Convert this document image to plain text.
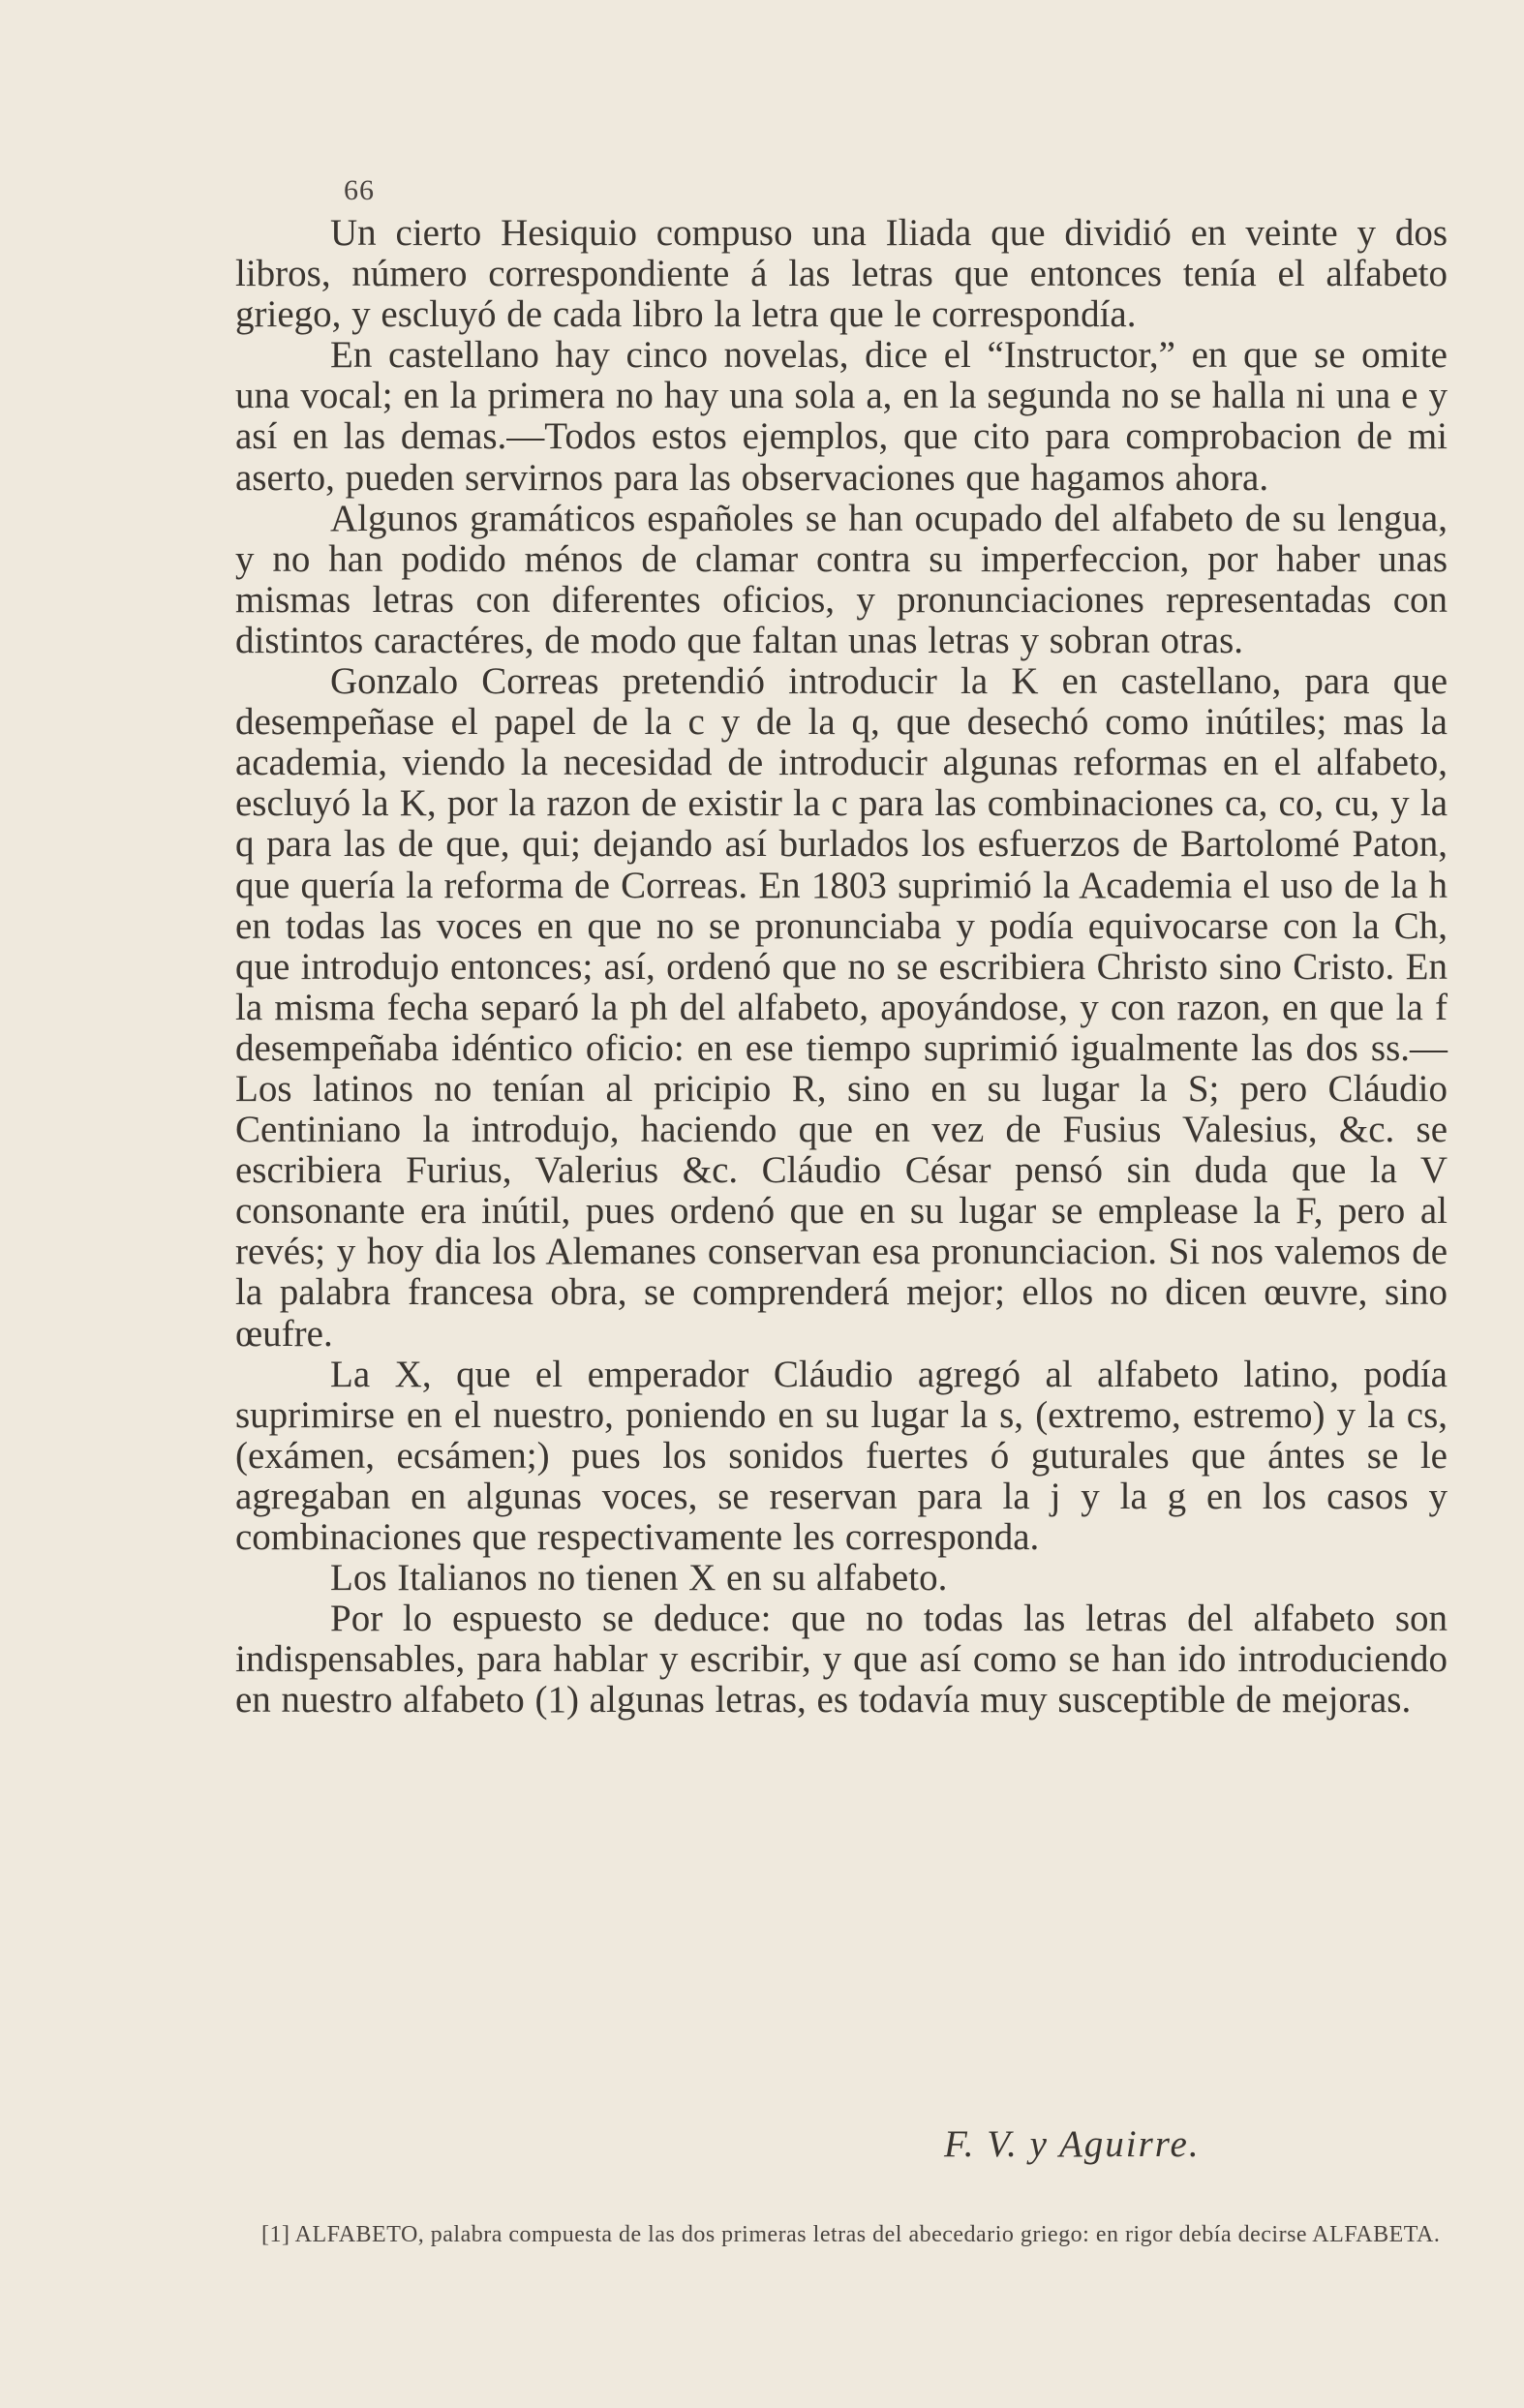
66

Un cierto Hesiquio compuso una Iliada que dividió en veinte y dos libros, número correspondiente á las letras que entonces tenía el alfabeto griego, y escluyó de cada libro la letra que le correspondía.

En castellano hay cinco novelas, dice el “Instructor,” en que se omite una vocal; en la primera no hay una sola a, en la segunda no se halla ni una e y así en las demas.—Todos estos ejemplos, que cito para comprobacion de mi aserto, pueden servirnos para las observaciones que hagamos ahora.

Algunos gramáticos españoles se han ocupado del alfabeto de su lengua, y no han podido ménos de clamar contra su imperfeccion, por haber unas mismas letras con diferentes oficios, y pronunciaciones representadas con distintos caractéres, de modo que faltan unas letras y sobran otras.

Gonzalo Correas pretendió introducir la K en castellano, para que desempeñase el papel de la c y de la q, que desechó como inútiles; mas la academia, viendo la necesidad de introducir algunas reformas en el alfabeto, escluyó la K, por la razon de existir la c para las combinaciones ca, co, cu, y la q para las de que, qui; dejando así burlados los esfuerzos de Bartolomé Paton, que quería la reforma de Correas. En 1803 suprimió la Academia el uso de la h en todas las voces en que no se pronunciaba y podía equivocarse con la Ch, que introdujo entonces; así, ordenó que no se escribiera Christo sino Cristo. En la misma fecha separó la ph del alfabeto, apoyándose, y con razon, en que la f desempeñaba idéntico oficio: en ese tiempo suprimió igualmente las dos ss.—Los latinos no tenían al pricipio R, sino en su lugar la S; pero Cláudio Centiniano la introdujo, haciendo que en vez de Fusius Valesius, &c. se escribiera Furius, Valerius &c. Cláudio César pensó sin duda que la V consonante era inútil, pues ordenó que en su lugar se emplease la F, pero al revés; y hoy dia los Alemanes conservan esa pronunciacion. Si nos valemos de la palabra francesa obra, se comprenderá mejor; ellos no dicen œuvre, sino œufre.

La X, que el emperador Cláudio agregó al alfabeto latino, podía suprimirse en el nuestro, poniendo en su lugar la s, (extremo, estremo) y la cs, (exámen, ecsámen;) pues los sonidos fuertes ó guturales que ántes se le agregaban en algunas voces, se reservan para la j y la g en los casos y combinaciones que respectivamente les corresponda.

Los Italianos no tienen X en su alfabeto.

Por lo espuesto se deduce: que no todas las letras del alfabeto son indispensables, para hablar y escribir, y que así como se han ido introduciendo en nuestro alfabeto (1) algunas letras, es todavía muy susceptible de mejoras.

F. V. y Aguirre.

[1] ALFABETO, palabra compuesta de las dos primeras letras del abecedario griego: en rigor debía decirse ALFABETA.
